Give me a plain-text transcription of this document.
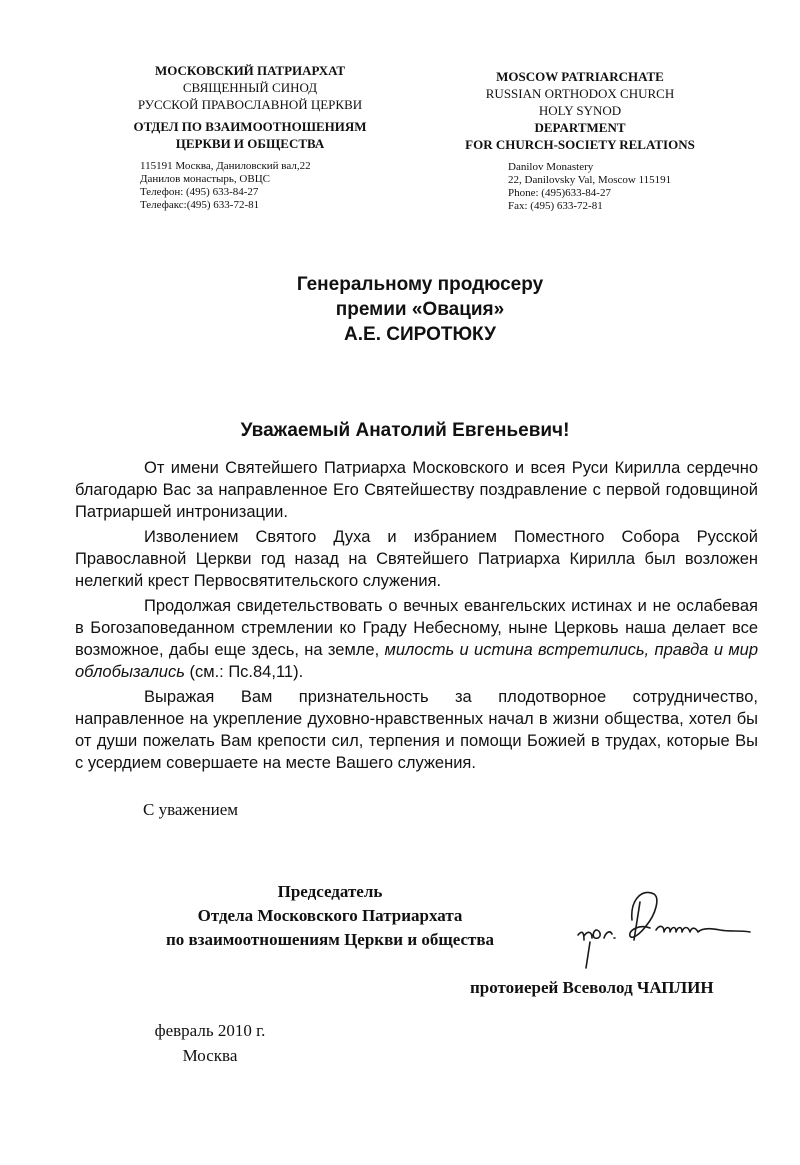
МОСКОВСКИЙ ПАТРИАРХАТ
СВЯЩЕННЫЙ СИНОД
РУССКОЙ ПРАВОСЛАВНОЙ ЦЕРКВИ
ОТДЕЛ ПО ВЗАИМООТНОШЕНИЯМ
ЦЕРКВИ И ОБЩЕСТВА
115191 Москва, Даниловский вал,22
Данилов монастырь, ОВЦС
Телефон: (495) 633-84-27
Телефакс:(495) 633-72-81
MOSCOW PATRIARCHATE
RUSSIAN ORTHODOX CHURCH
HOLY SYNOD
DEPARTMENT
FOR CHURCH-SOCIETY RELATIONS
Danilov Monastery
22, Danilovsky Val, Moscow 115191
Phone: (495)633-84-27
Fax: (495) 633-72-81
Генеральному продюсеру
премии «Овация»
А.Е. СИРОТЮКУ
Уважаемый Анатолий Евгеньевич!

От имени Святейшего Патриарха Московского и всея Руси Кирилла сердечно благодарю Вас за направленное Его Святейшеству поздравление с первой годовщиной Патриаршей интронизации.

Изволением Святого Духа и избранием Поместного Собора Русской Православной Церкви год назад на Святейшего Патриарха Кирилла был возложен нелегкий крест Первосвятительского служения.

Продолжая свидетельствовать о вечных евангельских истинах и не ослабевая в Богозаповеданном стремлении ко Граду Небесному, ныне Церковь наша делает все возможное, дабы еще здесь, на земле, милость и истина встретились, правда и мир облобызались (см.: Пс.84,11).

Выражая Вам признательность за плодотворное сотрудничество, направленное на укрепление духовно-нравственных начал в жизни общества, хотел бы от души пожелать Вам крепости сил, терпения и помощи Божией в трудах, которые Вы с усердием совершаете на месте Вашего служения.

С уважением
Председатель
Отдела Московского Патриархата
по взаимоотношениям Церкви и общества
протоиерей Всеволод ЧАПЛИН
февраль 2010 г.
Москва
